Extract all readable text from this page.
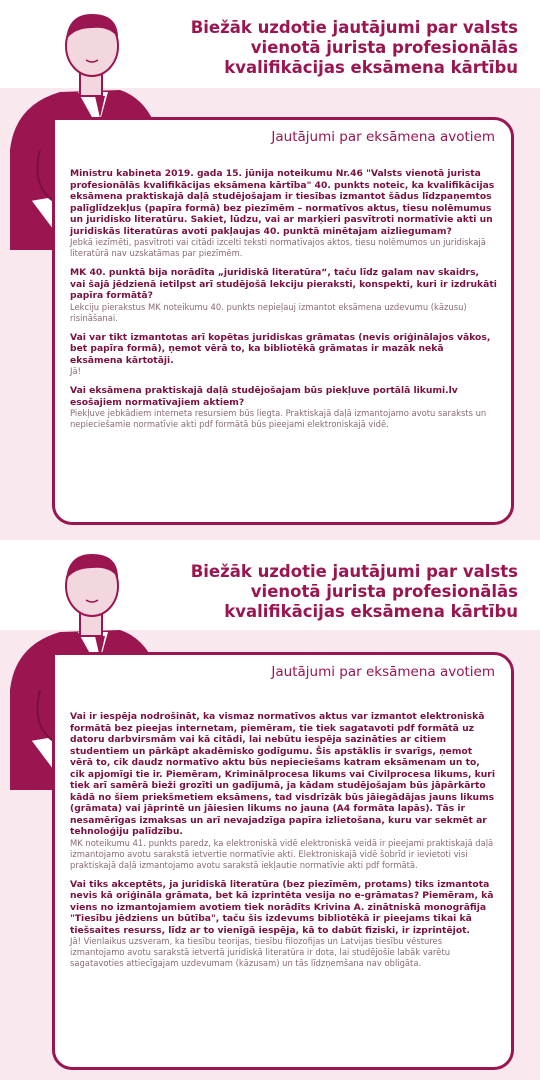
Biežāk uzdotie jautājumi par valsts vienotā jurista profesionālās kvalifikācijas eksāmena kārtību
Jautājumi par eksāmena avotiem

Ministru kabineta 2019. gada 15. jūnija noteikumu Nr.46 "Valsts vienotā jurista profesionālās kvalifikācijas eksāmena kārtība" 40. punkts noteic, ka kvalifikācijas eksāmena praktiskajā daļā studējošajam ir tiesības izmantot šādus līdzpaņemtos palīglīdzekļus (papīra formā) bez piezīmēm – normatīvos aktus, tiesu nolēmumus un juridisko literatūru. Sakiet, lūdzu, vai ar marķieri pasvītroti normatīvie akti un juridiskās literatūras avoti pakļaujas 40. punktā minētajam aizliegumam?

Jebkā iezīmēti, pasvītroti vai citādi izcelti teksti normatīvajos aktos, tiesu nolēmumos un juridiskajā literatūrā nav uzskatāmas par piezīmēm.

MK 40. punktā bija norādīta „juridiskā literatūra“, taču līdz galam nav skaidrs, vai šajā jēdzienā ietilpst arī studējošā lekciju pieraksti, konspekti, kuri ir izdrukāti papīra formātā?

Lekciju pierakstus MK noteikumu 40. punkts nepieļauj izmantot eksāmena uzdevumu (kāzusu) risināšanai.

Vai var tikt izmantotas arī kopētas juridiskas grāmatas (nevis oriģinālajos vākos, bet papīra formā), ņemot vērā to, ka bibliotēkā grāmatas ir mazāk nekā eksāmena kārtotāji.

Jā!

Vai eksāmena praktiskajā daļā studējošajam būs piekļuve portālā likumi.lv esošajiem normatīvajiem aktiem?

Piekļuve jebkādiem interneta resursiem būs liegta. Praktiskajā daļā izmantojamo avotu saraksts un nepieciešamie normatīvie akti pdf formātā būs pieejami elektroniskajā vidē.

Biežāk uzdotie jautājumi par valsts vienotā jurista profesionālās kvalifikācijas eksāmena kārtību
Jautājumi par eksāmena avotiem

Vai ir iespēja nodrošināt, ka vismaz normatīvos aktus var izmantot elektroniskā formātā bez pieejas internetam, piemēram, tie tiek sagatavoti pdf formātā uz datoru darbvirsmām vai kā citādi, lai nebūtu iespēja sazināties ar citiem studentiem un pārkāpt akadēmisko godīgumu. Šis apstāklis ir svarīgs, ņemot vērā to, cik daudz normatīvo aktu būs nepieciešams katram eksāmenam un to, cik apjomīgi tie ir. Piemēram, Kriminālprocesa likums vai Civilprocesa likums, kuri tiek arī samērā bieži grozīti un gadījumā, ja kādam studējošajam būs jāpārkārto kādā no šiem priekšmetiem eksāmens, tad visdrīzāk būs jāiegādājas jauns likums (grāmata) vai jāprintē un jāiesien likums no jauna (A4 formāta lapās). Tās ir nesamērīgas izmaksas un arī nevajadzīga papīra izlietošana, kuru var sekmēt ar tehnoloģiju palīdzību.

MK noteikumu 41. punkts paredz, ka elektroniskā vidē elektroniskā veidā ir pieejami praktiskajā daļā izmantojamo avotu sarakstā ietvertie normatīvie akti. Elektroniskajā vidē šobrīd ir ievietoti visi praktiskajā daļā izmantojamo avotu sarakstā iekļautie normatīvie akti pdf formātā.

Vai tiks akceptēts, ja juridiskā literatūra (bez piezīmēm, protams) tiks izmantota nevis kā oriģināla grāmata, bet kā izprintēta vesija no e-grāmatas? Piemēram, kā viens no izmantojamiem avotiem tiek norādīts Krivina A. zinātniskā monogrāfija "Tiesību jēdziens un būtība", taču šis izdevums bibliotēkā ir pieejams tikai kā tiešsaites resurss, līdz ar to vienīgā iespēja, kā to dabūt fiziski, ir izprintējot.

Jā! Vienlaikus uzsveram, ka tiesību teorijas, tiesību filozofijas un Latvijas tiesību vēstures izmantojamo avotu sarakstā ietvertā juridiskā literatūra ir dota, lai studējošie labāk varētu sagatavoties attiecīgajam uzdevumam (kāzusam) un tās līdzņemšana nav obligāta.
